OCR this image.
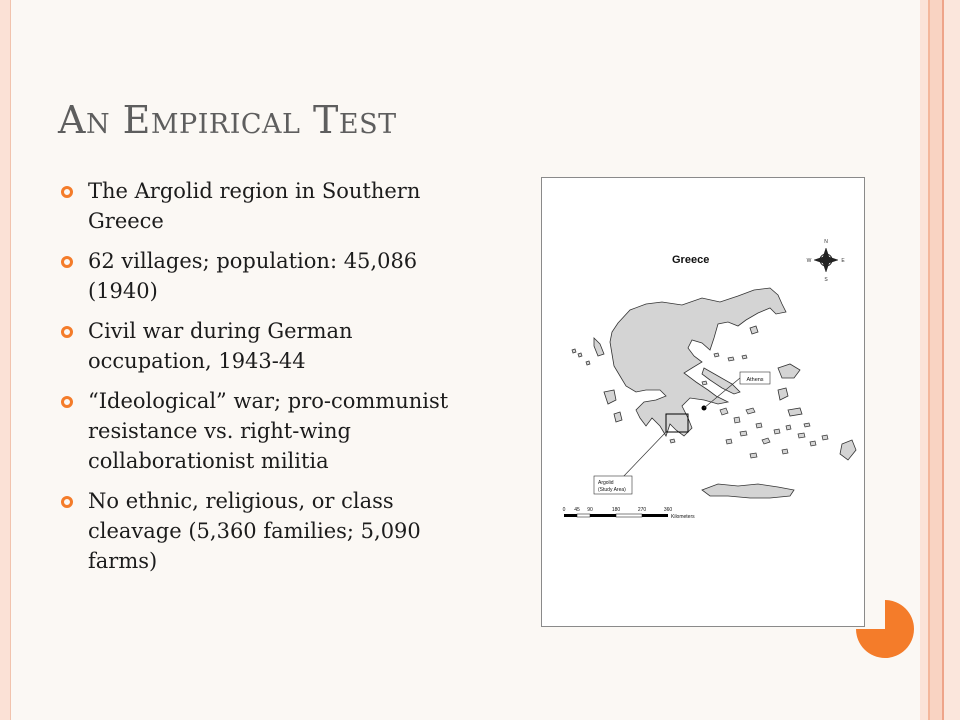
An Empirical Test
The Argolid region in Southern Greece
62 villages; population: 45,086 (1940)
Civil war during German occupation, 1943-44
“Ideological” war; pro-communist resistance vs. right-wing collaborationist militia
No ethnic, religious, or class cleavage (5,360 families; 5,090 farms)
Greece
N
S
E
W
Athens
Argolid
(Study Area)
0 45 90	180	270	360
Kilometers
